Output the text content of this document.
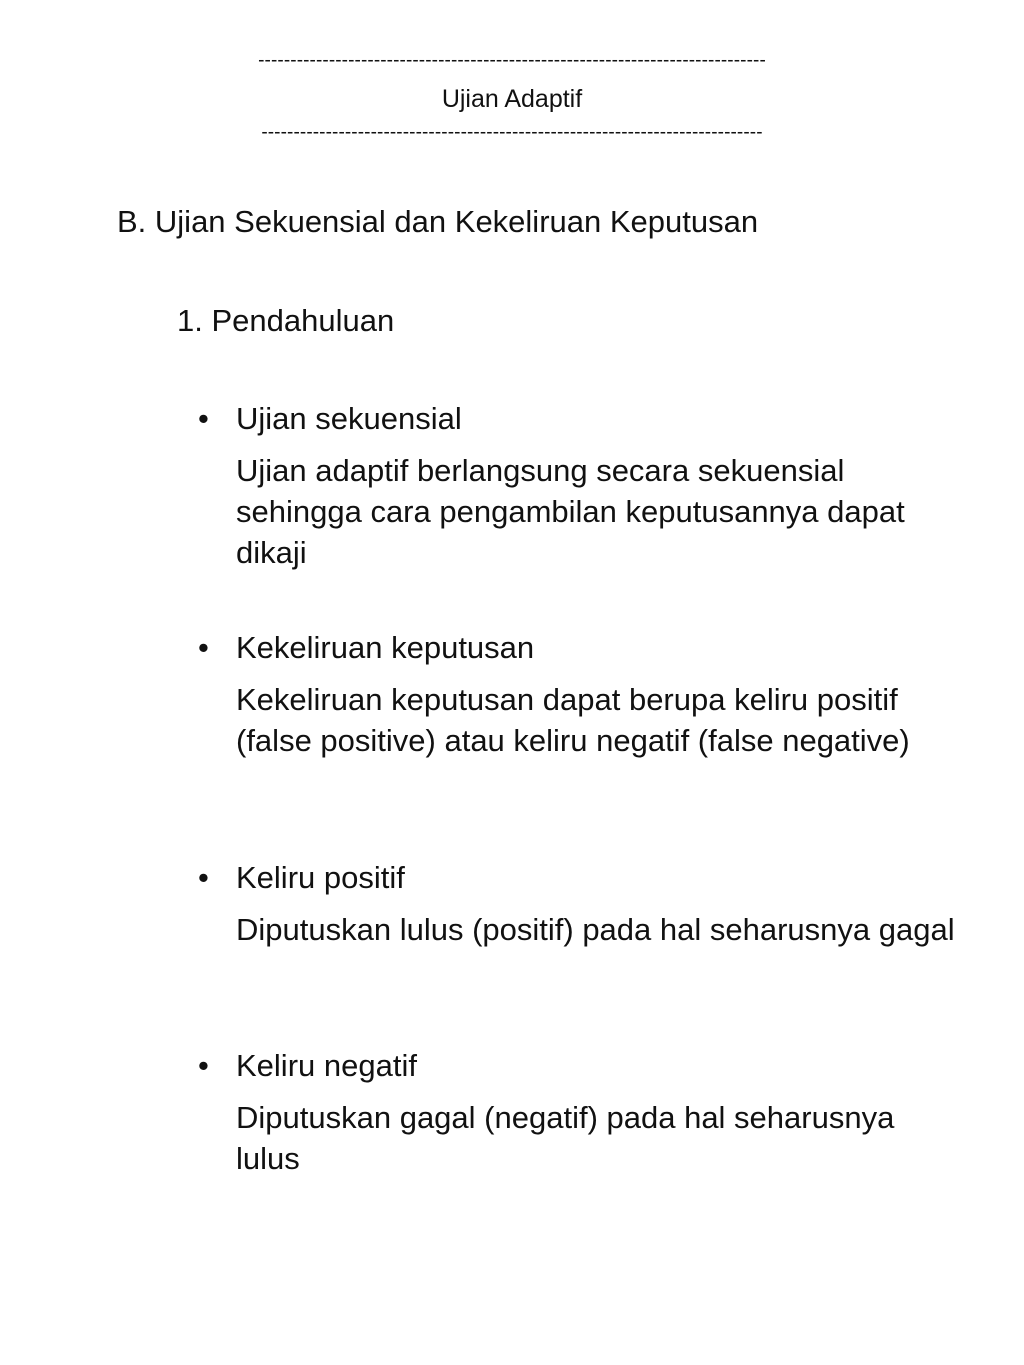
-------------------------------------------------------------------------------
Ujian Adaptif
------------------------------------------------------------------------------
B. Ujian Sekuensial dan Kekeliruan Keputusan
1. Pendahuluan
• Ujian sekuensial
Ujian adaptif berlangsung secara sekuensial sehingga cara pengambilan keputusannya dapat dikaji
• Kekeliruan keputusan
Kekeliruan keputusan dapat berupa keliru positif (false positive) atau keliru negatif (false negative)
• Keliru positif
Diputuskan lulus (positif) pada hal seharusnya gagal
• Keliru negatif
Diputuskan gagal (negatif) pada hal seharusnya lulus
